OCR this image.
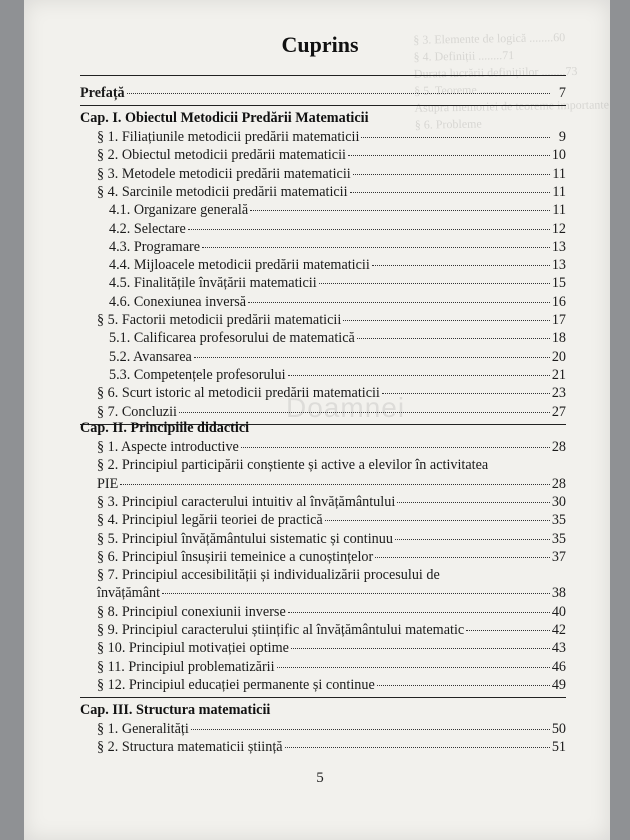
§ 3. Elemente de logică ........60
§ 4. Definiții ........71
Durata lucrării definițiilor ........73
§ 5. Teoreme ........
Asupra memoriei de teoreme importante
§ 6. Probleme
Doamnei
Cuprins
Prefață	7
Cap. I. Obiectul Metodicii Predării Matematicii
§ 1. Filiațiunile metodicii predării matematicii	9
§ 2. Obiectul metodicii predării matematicii	10
§ 3. Metodele metodicii predării matematicii	11
§ 4. Sarcinile metodicii predării matematicii	11
4.1. Organizare generală	11
4.2. Selectare	12
4.3. Programare	13
4.4. Mijloacele metodicii predării matematicii	13
4.5. Finalitățile învățării matematicii	15
4.6. Conexiunea inversă	16
§ 5. Factorii metodicii predării matematicii	17
5.1. Calificarea profesorului de matematică	18
5.2. Avansarea	20
5.3. Competențele profesorului	21
§ 6. Scurt istoric al metodicii predării matematicii	23
§ 7. Concluzii	27
Cap. II. Principiile didactici
§ 1. Aspecte introductive	28
§ 2. Principiul participării conștiente și active a elevilor în activitatea
PIE	28
§ 3. Principiul caracterului intuitiv al învățământului	30
§ 4. Principiul legării teoriei de practică	35
§ 5. Principiul învățământului sistematic și continuu	35
§ 6. Principiul însușirii temeinice a cunoștințelor	37
§ 7. Principiul accesibilității și individualizării procesului de
învățământ	38
§ 8. Principiul conexiunii inverse	40
§ 9. Principiul caracterului științific al învățământului matematic	42
§ 10. Principiul motivației optime	43
§ 11. Principiul problematizării	46
§ 12. Principiul educației permanente și continue	49
Cap. III. Structura matematicii
§ 1. Generalități	50
§ 2. Structura matematicii știință	51
5
